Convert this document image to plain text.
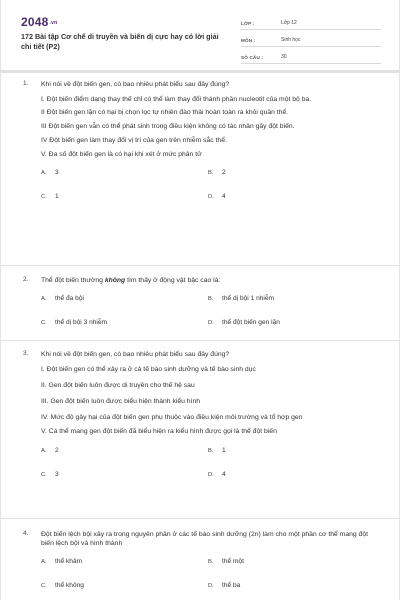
2048.vn
172 Bài tập Cơ chế di truyền và biến dị cực hay có lời giải chi tiết (P2)
LỚP :	Lớp 12
MÔN :	Sinh học
SỐ CÂU :	30
1. Khi nói về đột biến gen, có bao nhiêu phát biểu sau đây đúng?
I. Đột biến điểm dạng thay thế chỉ có thể làm thay đổi thành phần nucleotit của một bộ ba.
II Đột biến gen lặn có hại bị chọn lọc tự nhiên đào thải hoàn toàn ra khỏi quần thể.
III Đột biến gen vẫn có thể phát sinh trong điều kiện không có tác nhân gây đột biến.
IV Đột biến gen làm thay đổi vị trí của gen trên nhiễm sắc thể.
V. Đa số đột biến gen là có hại khi xét ở mức phân tử
A.	3	B.	2
C.	1	D.	4
2. Thể đột biến thường không tìm thấy ở động vật bậc cao là:
A.	thể đa bội	B.	thể dị bội 1 nhiễm
C.	thể dị bội 3 nhiễm	D.	thể đột biến gen lặn
3. Khi nói về đột biến gen, có bao nhiêu phát biểu sau đây đúng?
I. Đột biến gen có thể xảy ra ở cả tế bào sinh dưỡng và tế bào sinh dục
II. Gen đột biến luôn được di truyền cho thế hệ sau
III. Gen đột biến luôn được biểu hiện thành kiểu hình
IV. Mức độ gây hại của đột biến gen phụ thuộc vào điều kiện môi trường và tổ hợp gen
V. Cá thể mang gen đột biến đã biểu hiện ra kiểu hình được gọi là thể đột biến
A.	2	B.	1
C.	3	D.	4
4. Đột biến lệch bội xảy ra trong nguyên phân ở các tế bào sinh dưỡng (2n) làm cho một phần cơ thể mang đột biến lệch bội và hình thành
A.	thể khảm	B.	thể một
C.	thể không	D.	thể ba
